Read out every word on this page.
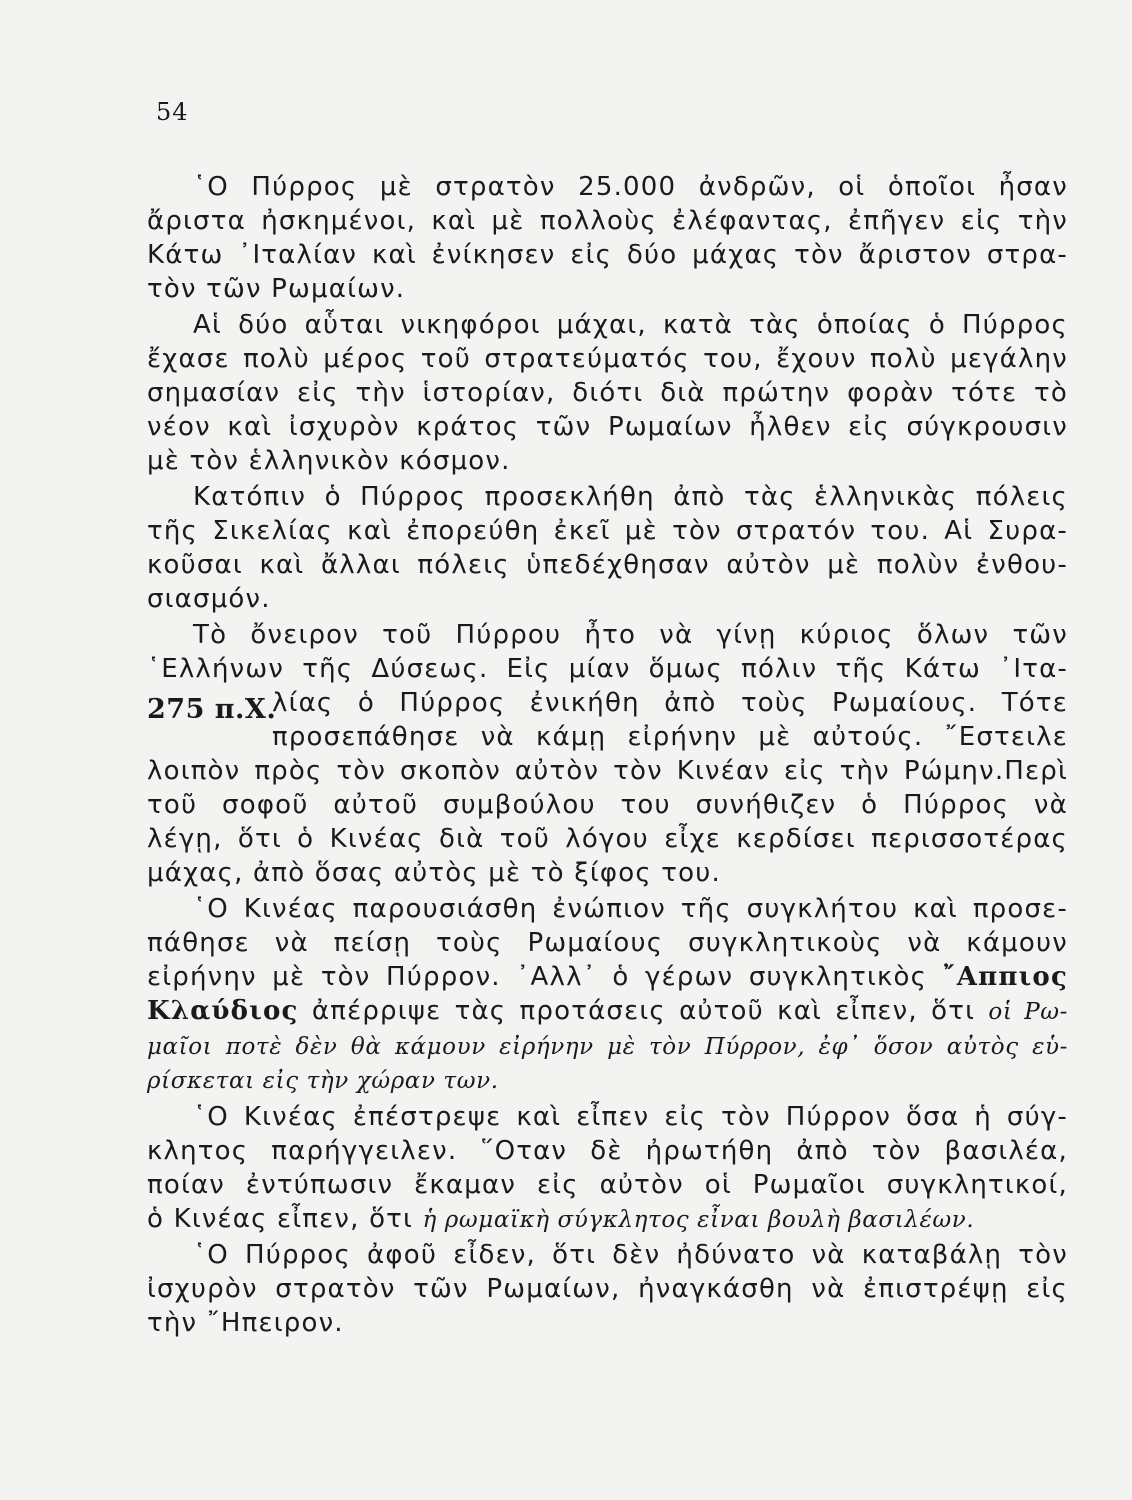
54
῾Ο Πύρρος μὲ στρατὸν 25.000 ἀνδρῶν, οἱ ὁποῖοι ἦσαν
ἄριστα ἠσκημένοι, καὶ μὲ πολλοὺς ἐλέφαντας, ἐπῆγεν εἰς τὴν
Κάτω ᾽Ιταλίαν καὶ ἐνίκησεν εἰς δύο μάχας τὸν ἄριστον στρα-
τὸν τῶν Ρωμαίων.
Αἱ δύο αὗται νικηφόροι μάχαι, κατὰ τὰς ὁποίας ὁ Πύρρος
ἔχασε πολὺ μέρος τοῦ στρατεύματός του, ἔχουν πολὺ μεγάλην
σημασίαν εἰς τὴν ἱστορίαν, διότι διὰ πρώτην φορὰν τότε τὸ
νέον καὶ ἰσχυρὸν κράτος τῶν Ρωμαίων ἦλθεν εἰς σύγκρουσιν
μὲ τὸν ἑλληνικὸν κόσμον.
Κατόπιν ὁ Πύρρος προσεκλήθη ἀπὸ τὰς ἑλληνικὰς πόλεις
τῆς Σικελίας καὶ ἐπορεύθη ἐκεῖ μὲ τὸν στρατόν του. Αἱ Συρα-
κοῦσαι καὶ ἄλλαι πόλεις ὑπεδέχθησαν αὐτὸν μὲ πολὺν ἐνθου-
σιασμόν.
Τὸ ὄνειρον τοῦ Πύρρου ἦτο νὰ γίνῃ κύριος ὅλων τῶν
῾Ελλήνων τῆς Δύσεως. Εἰς μίαν ὅμως πόλιν τῆς Κάτω ᾽Ιτα-
275 π.Χ.
λίας ὁ Πύρρος ἐνικήθη ἀπὸ τοὺς Ρωμαίους. Τότε
προσεπάθησε νὰ κάμῃ εἰρήνην μὲ αὐτούς. ῎Εστειλε
λοιπὸν πρὸς τὸν σκοπὸν αὐτὸν τὸν Κινέαν εἰς τὴν Ρώμην.Περὶ
τοῦ σοφοῦ αὐτοῦ συμβούλου του συνήθιζεν ὁ Πύρρος νὰ
λέγῃ, ὅτι ὁ Κινέας διὰ τοῦ λόγου εἶχε κερδίσει περισσοτέρας
μάχας, ἀπὸ ὅσας αὐτὸς μὲ τὸ ξίφος του.
῾Ο Κινέας παρουσιάσθη ἐνώπιον τῆς συγκλήτου καὶ προσε-
πάθησε νὰ πείσῃ τοὺς Ρωμαίους συγκλητικοὺς νὰ κάμουν
εἰρήνην μὲ τὸν Πύρρον. ᾽Αλλ᾽ ὁ γέρων συγκλητικὸς ῎Αππιος
Κλαύδιος ἀπέρριψε τὰς προτάσεις αὐτοῦ καὶ εἶπεν, ὅτι οἱ Ρω-
μαῖοι ποτὲ δὲν θὰ κάμουν εἰρήνην μὲ τὸν Πύρρον, ἐφ᾽ ὅσον αὐτὸς εὑ-
ρίσκεται εἰς τὴν χώραν των.
῾Ο Κινέας ἐπέστρεψε καὶ εἶπεν εἰς τὸν Πύρρον ὅσα ἡ σύγ-
κλητος παρήγγειλεν. ῞Οταν δὲ ἠρωτήθη ἀπὸ τὸν βασιλέα,
ποίαν ἐντύπωσιν ἔκαμαν εἰς αὐτὸν οἱ Ρωμαῖοι συγκλητικοί,
ὁ Κινέας εἶπεν, ὅτι ἡ ρωμαϊκὴ σύγκλητος εἶναι βουλὴ βασιλέων.
῾Ο Πύρρος ἀφοῦ εἶδεν, ὅτι δὲν ἠδύνατο νὰ καταβάλῃ τὸν
ἰσχυρὸν στρατὸν τῶν Ρωμαίων, ἠναγκάσθη νὰ ἐπιστρέψῃ εἰς
τὴν ῎Ηπειρον.
